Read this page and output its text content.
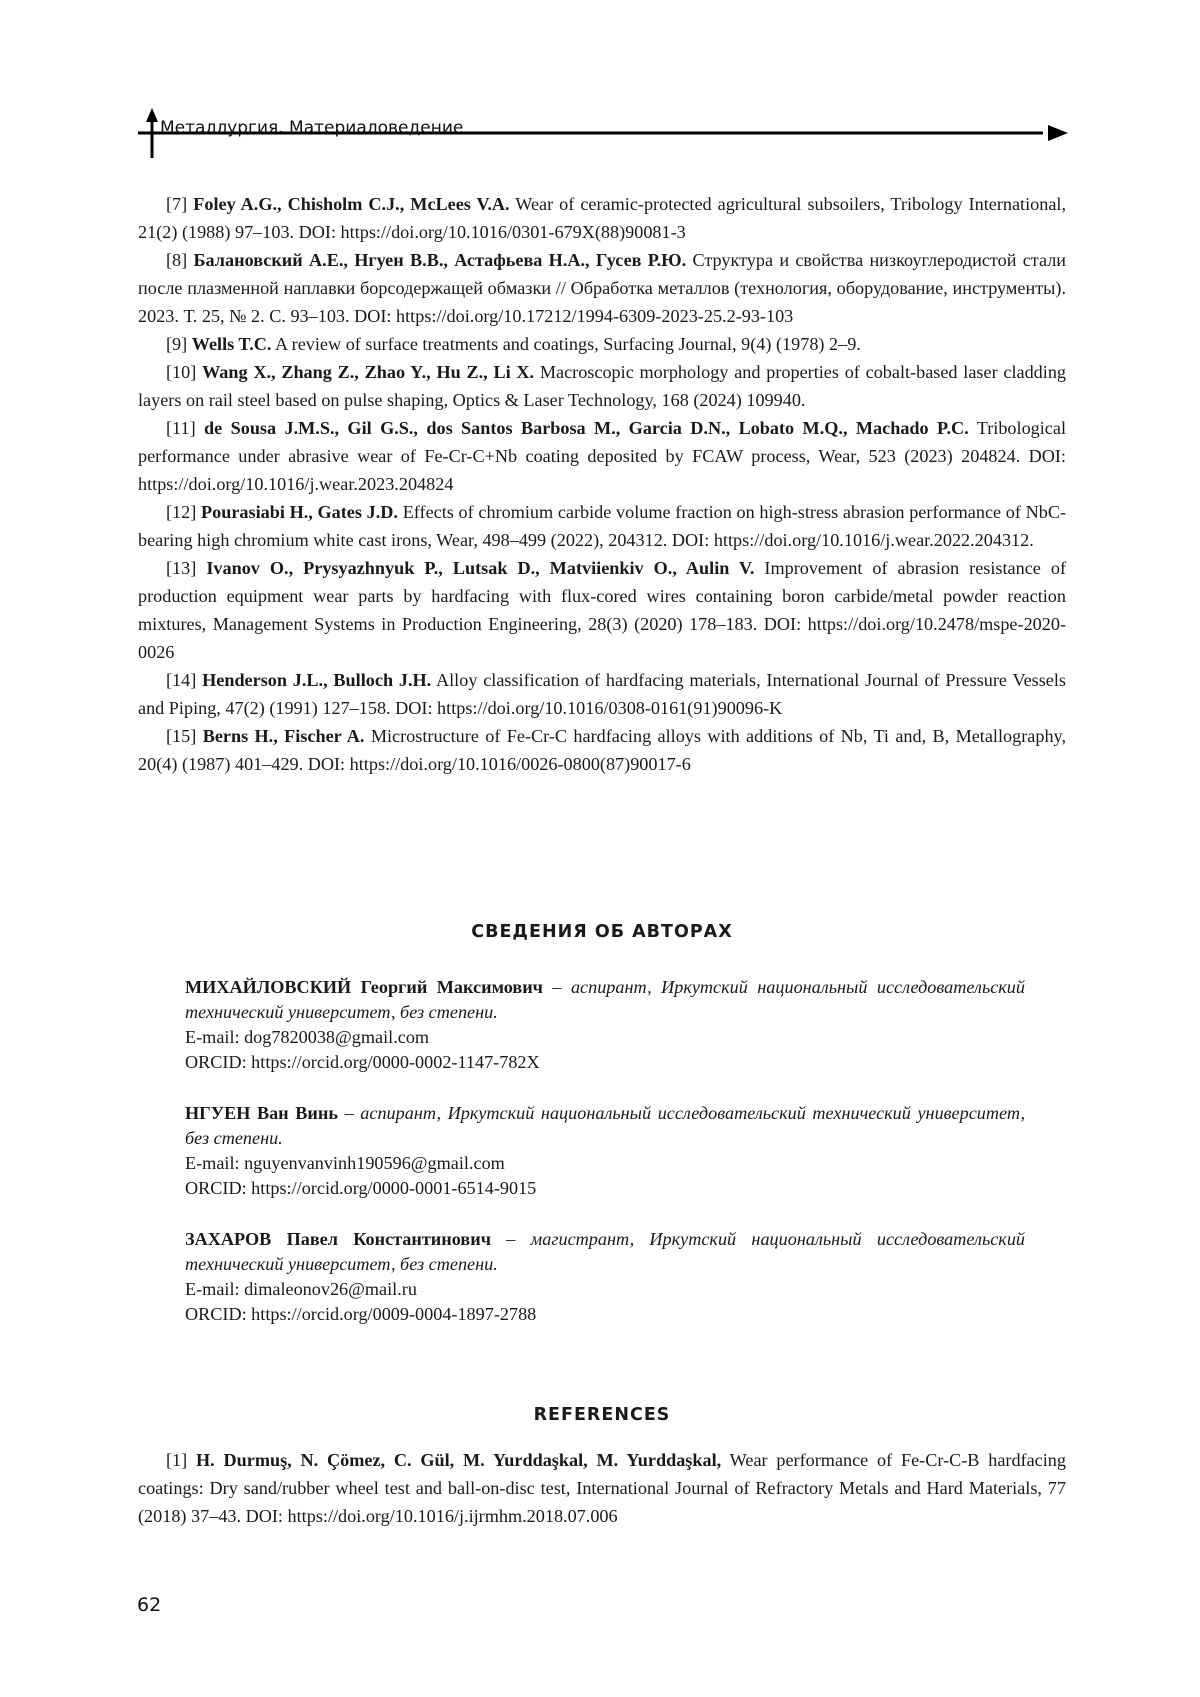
Металлургия. Материаловедение

[7] Foley A.G., Chisholm C.J., McLees V.A. Wear of ceramic-protected agricultural subsoilers, Tribology International, 21(2) (1988) 97–103. DOI: https://doi.org/10.1016/0301-679X(88)90081-3

[8] Балановский А.Е., Нгуен В.В., Астафьева Н.А., Гусев Р.Ю. Структура и свойства низкоуглеродистой стали после плазменной наплавки борсодержащей обмазки // Обработка металлов (технология, оборудование, инструменты). 2023. Т. 25, № 2. С. 93–103. DOI: https://doi.org/10.17212/1994-6309-2023-25.2-93-103

[9] Wells T.C. A review of surface treatments and coatings, Surfacing Journal, 9(4) (1978) 2–9.

[10] Wang X., Zhang Z., Zhao Y., Hu Z., Li X. Macroscopic morphology and properties of cobalt-based laser cladding layers on rail steel based on pulse shaping, Optics & Laser Technology, 168 (2024) 109940.

[11] de Sousa J.M.S., Gil G.S., dos Santos Barbosa M., Garcia D.N., Lobato M.Q., Machado P.C. Tribological performance under abrasive wear of Fe-Cr-C+Nb coating deposited by FCAW process, Wear, 523 (2023) 204824. DOI: https://doi.org/10.1016/j.wear.2023.204824

[12] Pourasiabi H., Gates J.D. Effects of chromium carbide volume fraction on high-stress abrasion performance of NbC-bearing high chromium white cast irons, Wear, 498–499 (2022), 204312. DOI: https://doi.org/10.1016/j.wear.2022.204312.

[13] Ivanov O., Prysyazhnyuk P., Lutsak D., Matviienkiv O., Aulin V. Improvement of abrasion resistance of production equipment wear parts by hardfacing with flux-cored wires containing boron carbide/metal powder reaction mixtures, Management Systems in Production Engineering, 28(3) (2020) 178–183. DOI: https://doi.org/10.2478/mspe-2020-0026

[14] Henderson J.L., Bulloch J.H. Alloy classification of hardfacing materials, International Journal of Pressure Vessels and Piping, 47(2) (1991) 127–158. DOI: https://doi.org/10.1016/0308-0161(91)90096-K

[15] Berns H., Fischer A. Microstructure of Fe-Cr-C hardfacing alloys with additions of Nb, Ti and, B, Metallography, 20(4) (1987) 401–429. DOI: https://doi.org/10.1016/0026-0800(87)90017-6

СВЕДЕНИЯ ОБ АВТОРАХ

МИХАЙЛОВСКИЙ Георгий Максимович – аспирант, Иркутский национальный исследовательский технический университет, без степени.
E-mail: dog7820038@gmail.com
ORCID: https://orcid.org/0000-0002-1147-782X
НГУЕН Ван Винь – аспирант, Иркутский национальный исследовательский технический университет, без степени.
E-mail: nguyenvanvinh190596@gmail.com
ORCID: https://orcid.org/0000-0001-6514-9015
ЗАХАРОВ Павел Константинович – магистрант, Иркутский национальный исследовательский технический университет, без степени.
E-mail: dimaleonov26@mail.ru
ORCID: https://orcid.org/0009-0004-1897-2788

REFERENCES

[1] H. Durmuş, N. Çömez, C. Gül, M. Yurddaşkal, M. Yurddaşkal, Wear performance of Fe-Cr-C-B hardfacing coatings: Dry sand/rubber wheel test and ball-on-disc test, International Journal of Refractory Metals and Hard Materials, 77 (2018) 37–43. DOI: https://doi.org/10.1016/j.ijrmhm.2018.07.006

62
